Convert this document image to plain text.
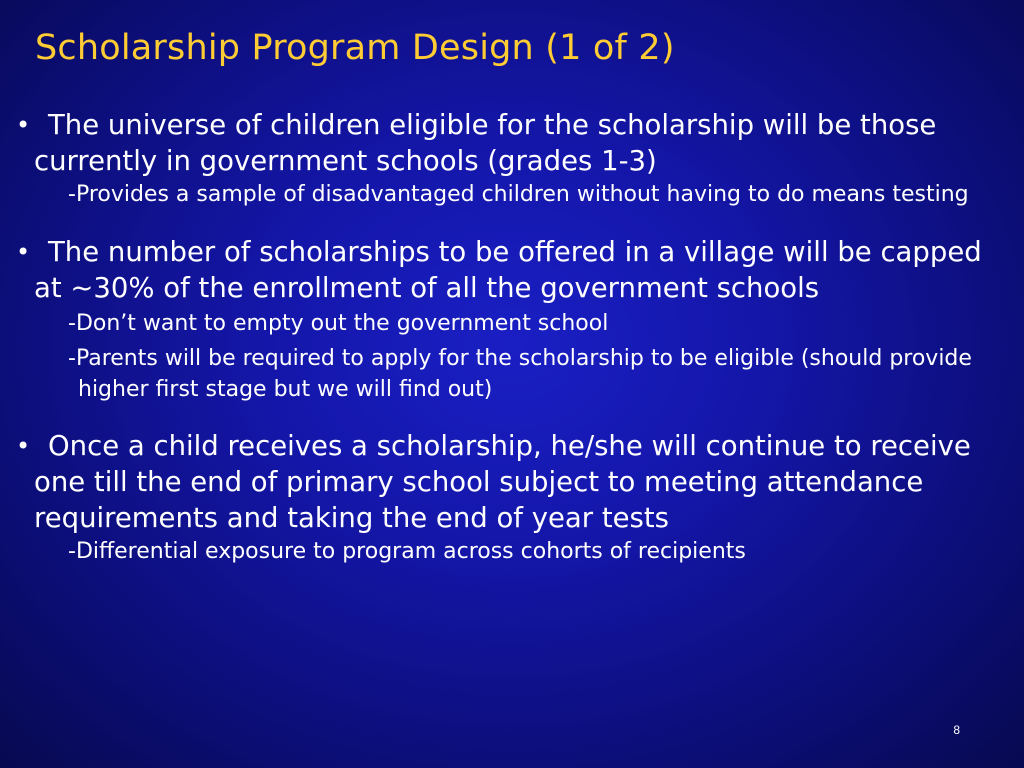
Scholarship Program Design (1 of 2)
• The universe of children eligible for the scholarship will be those currently in government schools (grades 1-3)
-Provides a sample of disadvantaged children without having to do means testing
• The number of scholarships to be offered in a village will be capped at ~30% of the enrollment of all the government schools
-Don’t want to empty out the government school
-Parents will be required to apply for the scholarship to be eligible (should provide higher first stage but we will find out)
• Once a child receives a scholarship, he/she will continue to receive one till the end of primary school subject to meeting attendance requirements and taking the end of year tests
-Differential exposure to program across cohorts of recipients
8
